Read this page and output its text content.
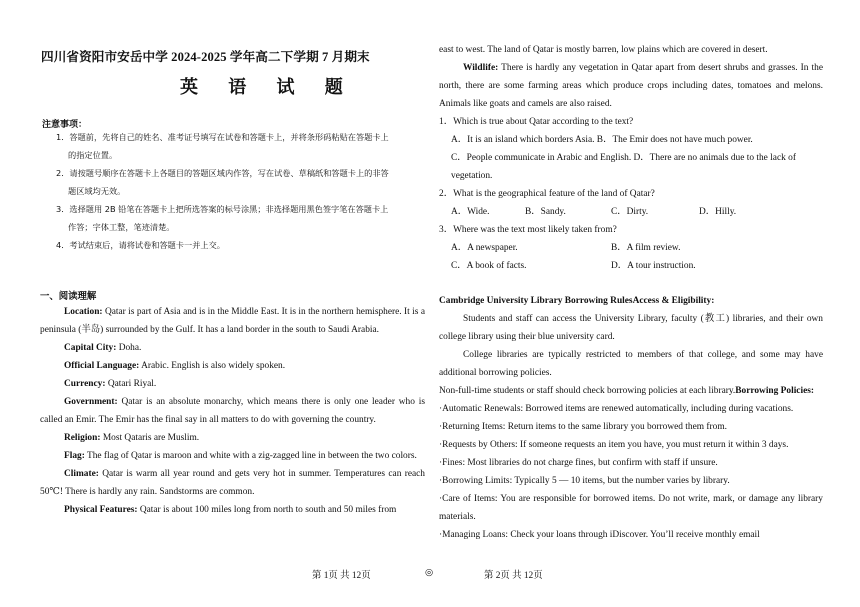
四川省资阳市安岳中学 2024-2025 学年高二下学期 7 月期末
英 语 试 题
注意事项：
1．答题前，先将自己的姓名、准考证号填写在试卷和答题卡上，并将条形码粘贴在答题卡上
的指定位置。
2．请按题号顺序在答题卡上各题目的答题区域内作答，写在试卷、草稿纸和答题卡上的非答
题区域均无效。
3．选择题用 2B 铅笔在答题卡上把所选答案的标号涂黑；非选择题用黑色签字笔在答题卡上
作答；字体工整，笔迹清楚。
4．考试结束后，请将试卷和答题卡一并上交。
一、阅读理解
Location: Qatar is part of Asia and is in the Middle East. It is in the northern hemisphere. It is a peninsula (半岛) surrounded by the Gulf. It has a land border in the south to Saudi Arabia.
Capital City: Doha.
Official Language: Arabic. English is also widely spoken.
Currency: Qatari Riyal.
Government: Qatar is an absolute monarchy, which means there is only one leader who is called an Emir. The Emir has the final say in all matters to do with governing the country.
Religion: Most Qataris are Muslim.
Flag: The flag of Qatar is maroon and white with a zig-zagged line in between the two colors.
Climate: Qatar is warm all year round and gets very hot in summer. Temperatures can reach 50℃! There is hardly any rain. Sandstorms are common.
Physical Features: Qatar is about 100 miles long from north to south and 50 miles from
east to west. The land of Qatar is mostly barren, low plains which are covered in desert.
Wildlife: There is hardly any vegetation in Qatar apart from desert shrubs and grasses. In the north, there are some farming areas which produce crops including dates, tomatoes and melons. Animals like goats and camels are also raised.
1．Which is true about Qatar according to the text?
A．It is an island which borders Asia. B．The Emir does not have much power.
C．People communicate in Arabic and English. D．There are no animals due to the lack of
vegetation.
2．What is the geographical feature of the land of Qatar?
A．Wide.	B．Sandy.	C．Dirty.	D．Hilly.
3．Where was the text most likely taken from?
A．A newspaper.	B．A film review.
C．A book of facts.	D．A tour instruction.
Cambridge University Library Borrowing RulesAccess & Eligibility:
Students and staff can access the University Library, faculty (教工) libraries, and their own college library using their blue university card.
College libraries are typically restricted to members of that college, and some may have additional borrowing policies.
Non-full-time students or staff should check borrowing policies at each library.Borrowing Policies:
·Automatic Renewals: Borrowed items are renewed automatically, including during vacations.
·Returning Items: Return items to the same library you borrowed them from.
·Requests by Others: If someone requests an item you have, you must return it within 3 days.
·Fines: Most libraries do not charge fines, but confirm with staff if unsure.
·Borrowing Limits: Typically 5 — 10 items, but the number varies by library.
·Care of Items: You are responsible for borrowed items. Do not write, mark, or damage any library materials.
·Managing Loans: Check your loans through iDiscover. You’ll receive monthly email
第 1页 共 12页	◎	第 2页 共 12页
